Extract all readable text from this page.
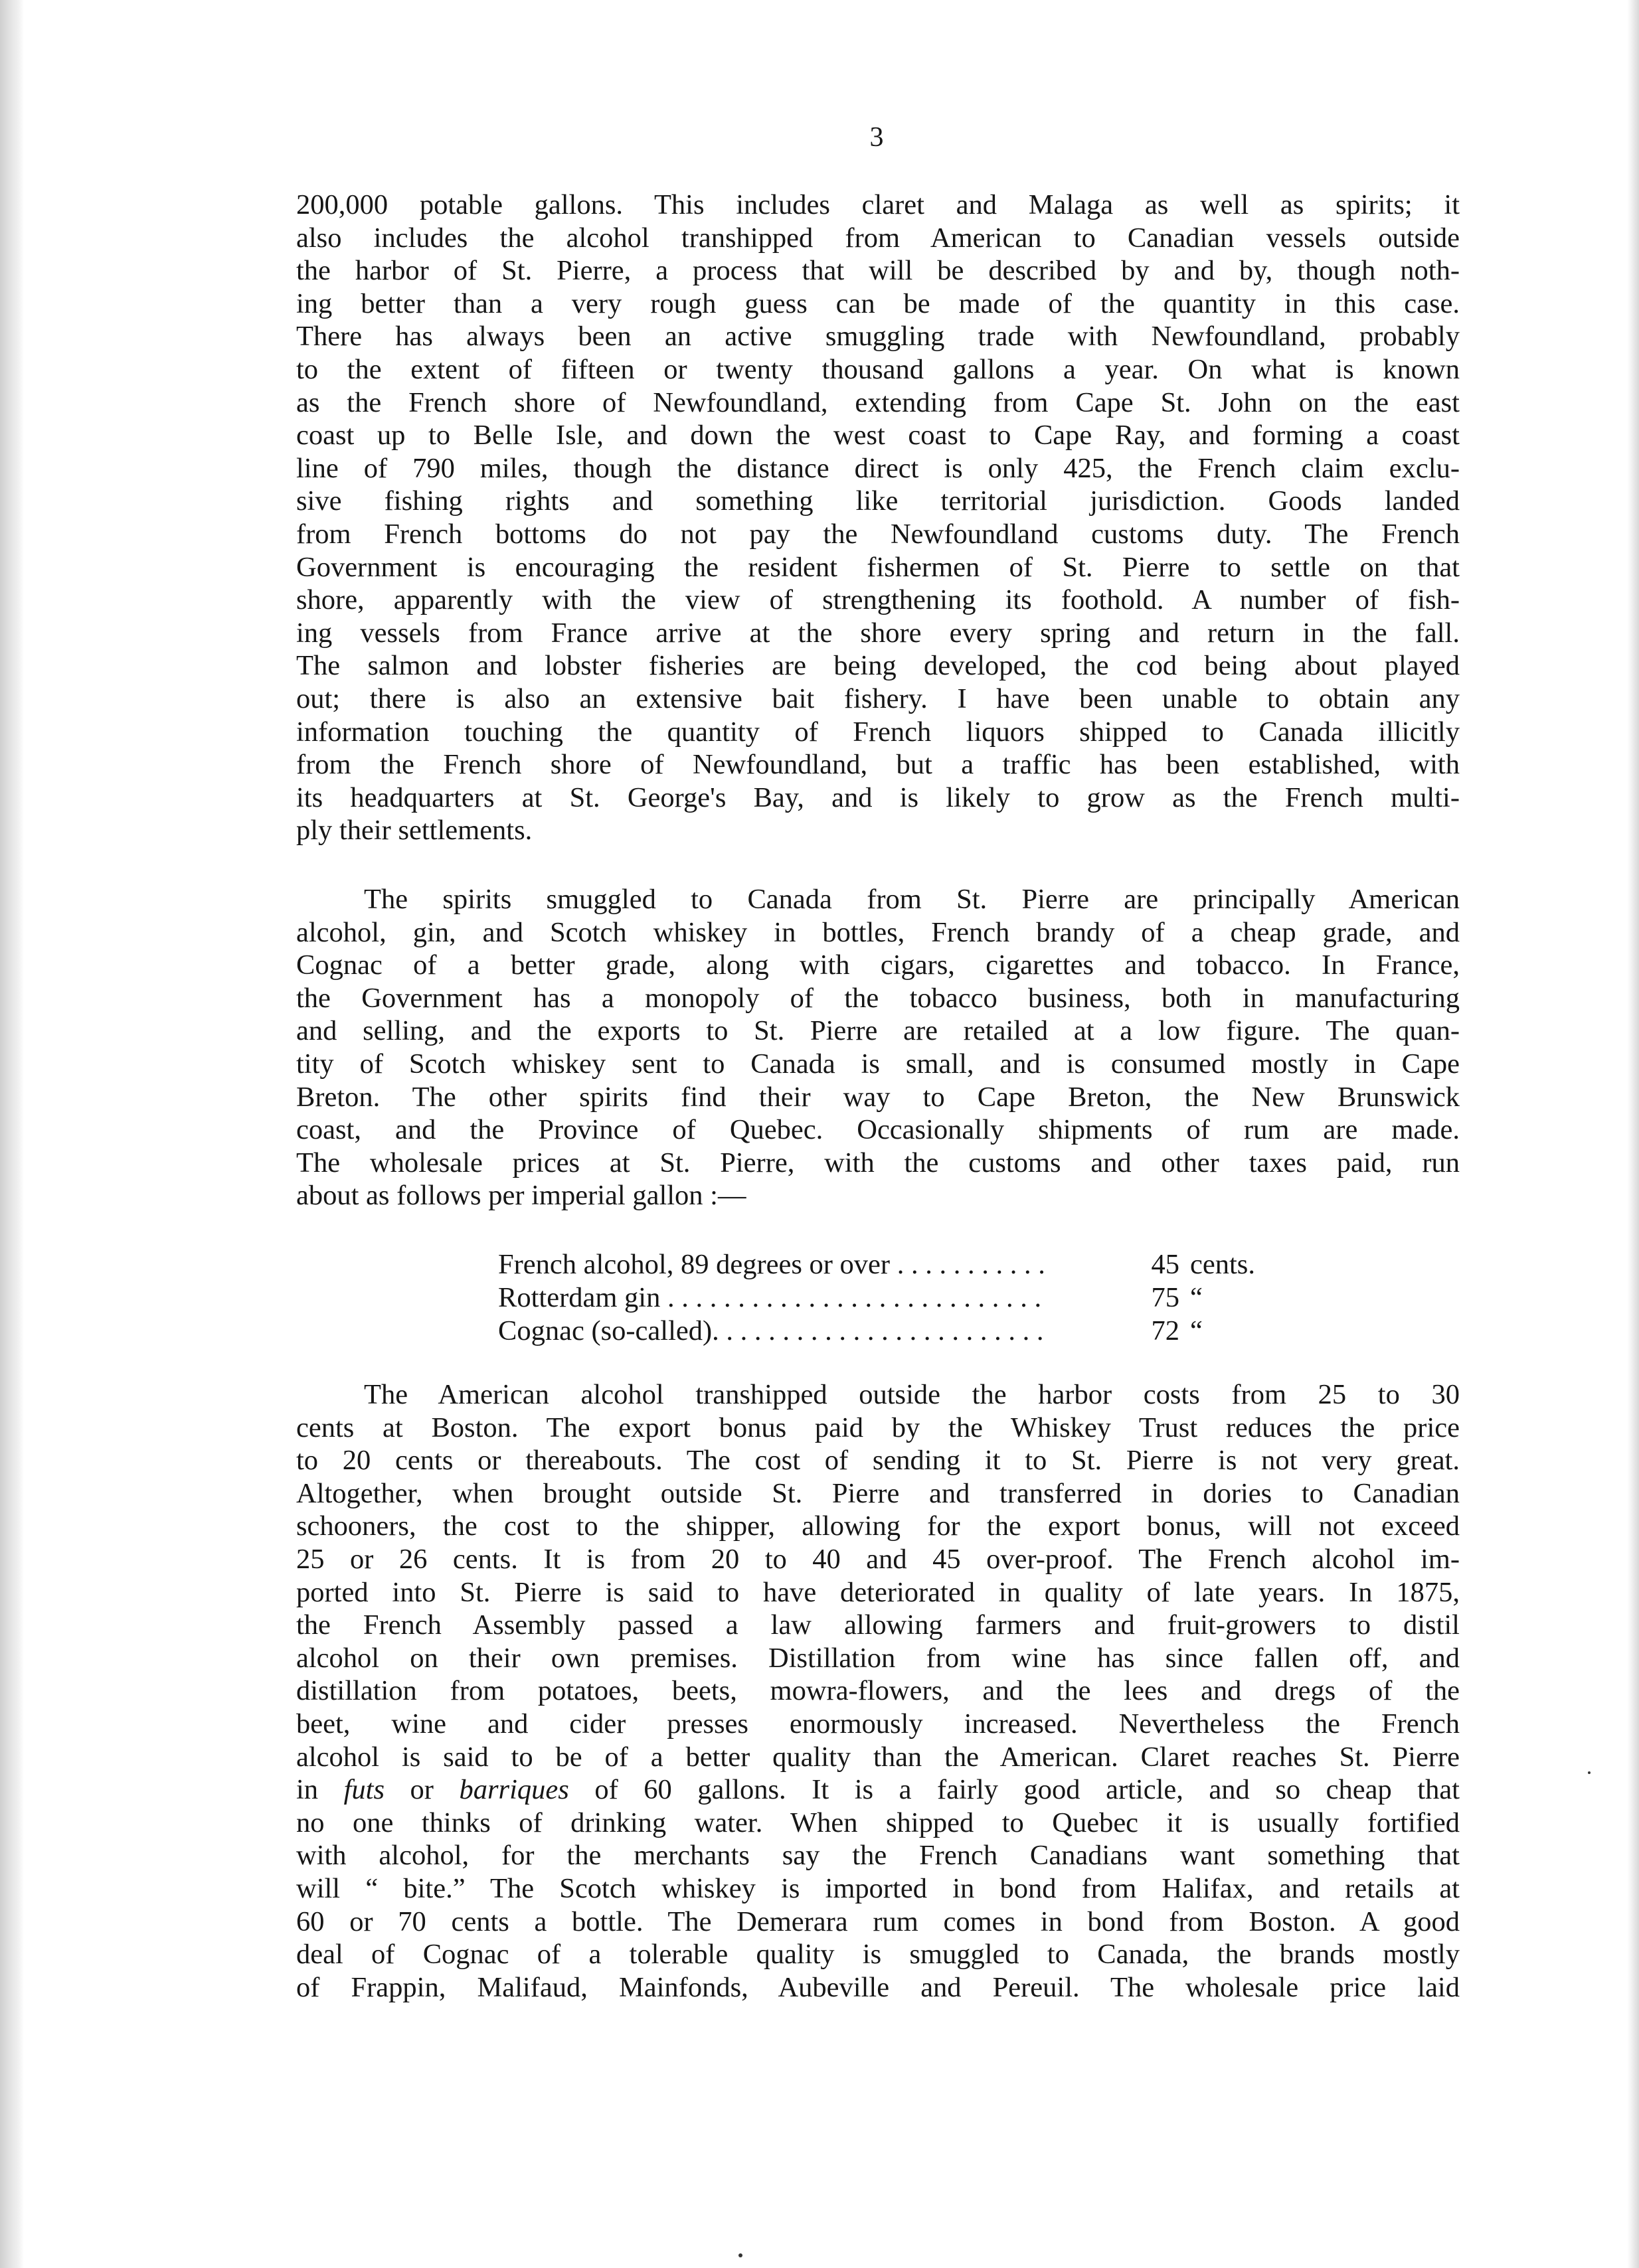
3
200,000 potable gallons. This includes claret and Malaga as well as spirits; it
also includes the alcohol transhipped from American to Canadian vessels outside
the harbor of St. Pierre, a process that will be described by and by, though noth-
ing better than a very rough guess can be made of the quantity in this case.
There has always been an active smuggling trade with Newfoundland, probably
to the extent of fifteen or twenty thousand gallons a year. On what is known
as the French shore of Newfoundland, extending from Cape St. John on the east
coast up to Belle Isle, and down the west coast to Cape Ray, and forming a coast
line of 790 miles, though the distance direct is only 425, the French claim exclu-
sive fishing rights and something like territorial jurisdiction. Goods landed
from French bottoms do not pay the Newfoundland customs duty. The French
Government is encouraging the resident fishermen of St. Pierre to settle on that
shore, apparently with the view of strengthening its foothold. A number of fish-
ing vessels from France arrive at the shore every spring and return in the fall.
The salmon and lobster fisheries are being developed, the cod being about played
out; there is also an extensive bait fishery. I have been unable to obtain any
information touching the quantity of French liquors shipped to Canada illicitly
from the French shore of Newfoundland, but a traffic has been established, with
its headquarters at St. George's Bay, and is likely to grow as the French multi-
ply their settlements.
The spirits smuggled to Canada from St. Pierre are principally American
alcohol, gin, and Scotch whiskey in bottles, French brandy of a cheap grade, and
Cognac of a better grade, along with cigars, cigarettes and tobacco. In France,
the Government has a monopoly of the tobacco business, both in manufacturing
and selling, and the exports to St. Pierre are retailed at a low figure. The quan-
tity of Scotch whiskey sent to Canada is small, and is consumed mostly in Cape
Breton. The other spirits find their way to Cape Breton, the New Brunswick
coast, and the Province of Quebec. Occasionally shipments of rum are made.
The wholesale prices at St. Pierre, with the customs and other taxes paid, run
about as follows per imperial gallon :—
French alcohol, 89 degrees or over . . . . . . . . . . .	45 cents.
Rotterdam gin . . . . . . . . . . . . . . . . . . . . . . . . . . .	75 “
Cognac (so-called). . . . . . . . . . . . . . . . . . . . . . . .	72 “
The American alcohol transhipped outside the harbor costs from 25 to 30
cents at Boston. The export bonus paid by the Whiskey Trust reduces the price
to 20 cents or thereabouts. The cost of sending it to St. Pierre is not very great.
Altogether, when brought outside St. Pierre and transferred in dories to Canadian
schooners, the cost to the shipper, allowing for the export bonus, will not exceed
25 or 26 cents. It is from 20 to 40 and 45 over-proof. The French alcohol im-
ported into St. Pierre is said to have deteriorated in quality of late years. In 1875,
the French Assembly passed a law allowing farmers and fruit-growers to distil
alcohol on their own premises. Distillation from wine has since fallen off, and
distillation from potatoes, beets, mowra-flowers, and the lees and dregs of the
beet, wine and cider presses enormously increased. Nevertheless the French
alcohol is said to be of a better quality than the American. Claret reaches St. Pierre
in futs or barriques of 60 gallons. It is a fairly good article, and so cheap that
no one thinks of drinking water. When shipped to Quebec it is usually fortified
with alcohol, for the merchants say the French Canadians want something that
will “ bite.” The Scotch whiskey is imported in bond from Halifax, and retails at
60 or 70 cents a bottle. The Demerara rum comes in bond from Boston. A good
deal of Cognac of a tolerable quality is smuggled to Canada, the brands mostly
of Frappin, Malifaud, Mainfonds, Aubeville and Pereuil. The wholesale price laid
